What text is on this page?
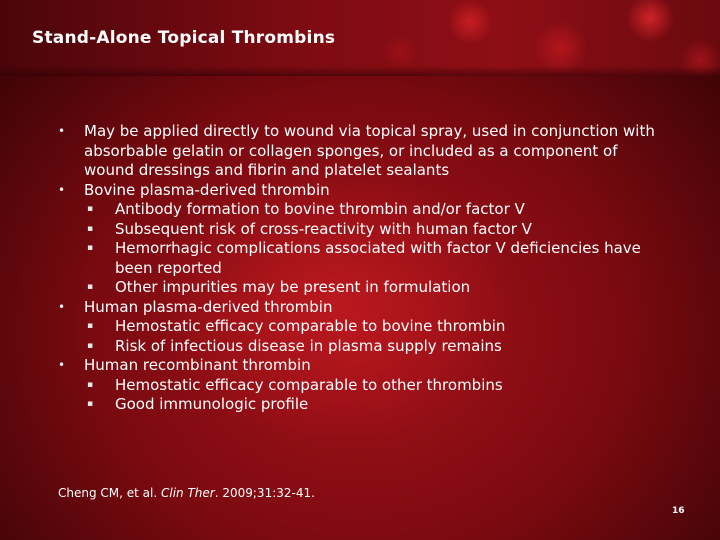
Stand-Alone Topical Thrombins
• May be applied directly to wound via topical spray, used in conjunction with absorbable gelatin or collagen sponges, or included as a component of wound dressings and fibrin and platelet sealants
• Bovine plasma-derived thrombin
▪ Antibody formation to bovine thrombin and/or factor V
▪ Subsequent risk of cross-reactivity with human factor V
▪ Hemorrhagic complications associated with factor V deficiencies have been reported
▪ Other impurities may be present in formulation
• Human plasma-derived thrombin
▪ Hemostatic efficacy comparable to bovine thrombin
▪ Risk of infectious disease in plasma supply remains
• Human recombinant thrombin
▪ Hemostatic efficacy comparable to other thrombins
▪ Good immunologic profile
Cheng CM, et al. Clin Ther. 2009;31:32-41.
16
